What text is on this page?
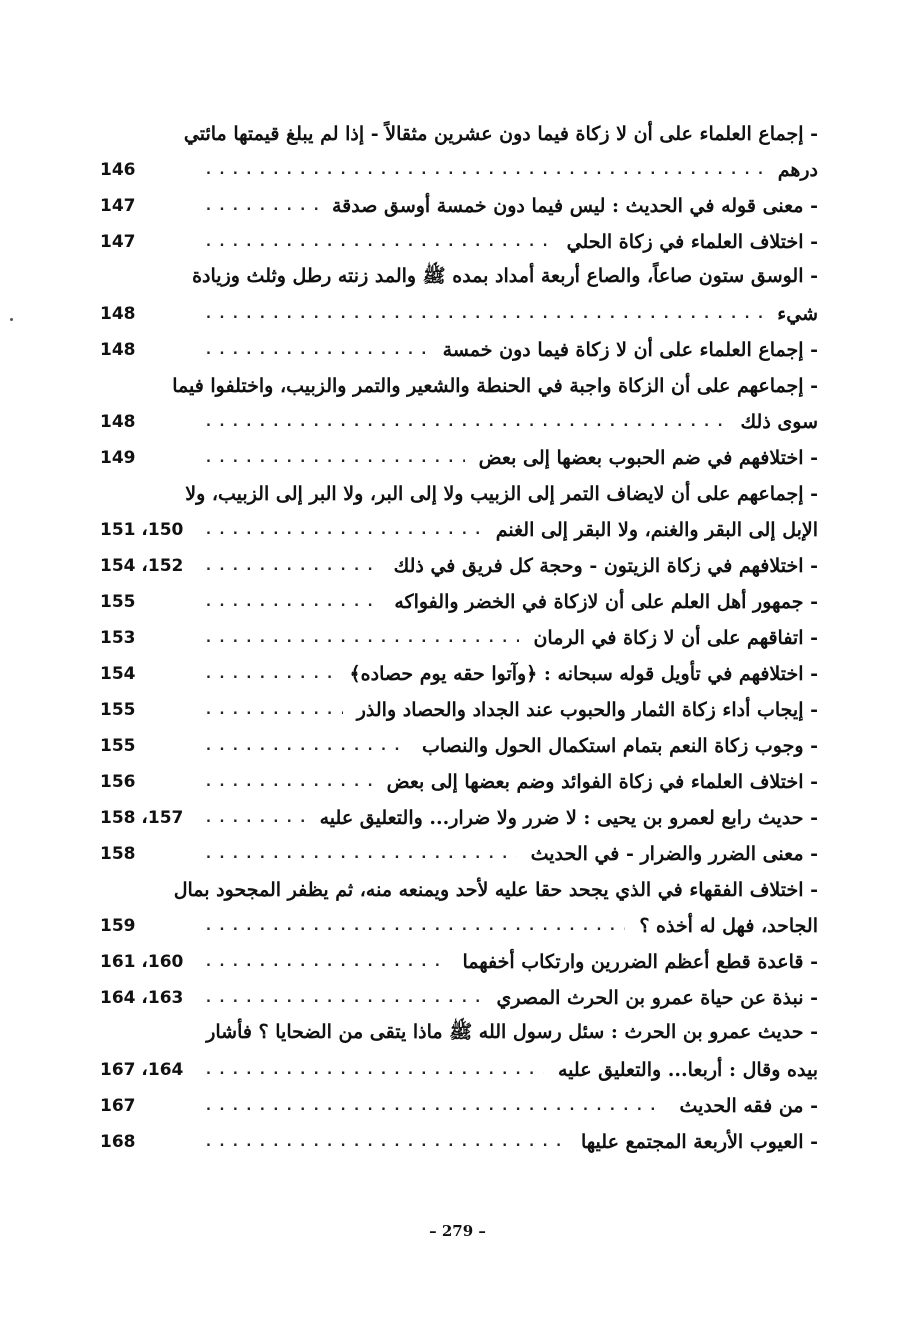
- إجماع العلماء على أن لا زكاة فيما دون عشرين مثقالاً - إذا لم يبلغ قيمتها مائتي
درهم
. . .
146
- معنى قوله في الحديث : ليس فيما دون خمسة أوسق صدقة
. . .
147
- اختلاف العلماء في زكاة الحلي
. . .
147
- الوسق ستون صاعاً، والصاع أربعة أمداد بمده ﷺ والمد زنته رطل وثلث وزيادة
شيء
. . .
148
- إجماع العلماء على أن لا زكاة فيما دون خمسة
. . .
148
- إجماعهم على أن الزكاة واجبة في الحنطة والشعير والتمر والزبيب، واختلفوا فيما
سوى ذلك
. . .
148
- اختلافهم في ضم الحبوب بعضها إلى بعض
. . .
149
- إجماعهم على أن لايضاف التمر إلى الزبيب ولا إلى البر، ولا البر إلى الزبيب، ولا
الإبل إلى البقر والغنم، ولا البقر إلى الغنم
. . .
150، 151
- اختلافهم في زكاة الزيتون - وحجة كل فريق في ذلك
. . .
152، 154
- جمهور أهل العلم على أن لازكاة في الخضر والفواكه
. . .
155
- اتفاقهم على أن لا زكاة في الرمان
. . .
153
- اختلافهم في تأويل قوله سبحانه : ﴿وآتوا حقه يوم حصاده﴾
. . .
154
- إيجاب أداء زكاة الثمار والحبوب عند الجداد والحصاد والذر
. . .
155
- وجوب زكاة النعم بتمام استكمال الحول والنصاب
. . .
155
- اختلاف العلماء في زكاة الفوائد وضم بعضها إلى بعض
. . .
156
- حديث رابع لعمرو بن يحيى : لا ضرر ولا ضرار... والتعليق عليه
. . .
157، 158
- معنى الضرر والضرار - في الحديث
. . .
158
- اختلاف الفقهاء في الذي يجحد حقا عليه لأحد ويمنعه منه، ثم يظفر المجحود بمال
الجاحد، فهل له أخذه ؟
. . .
159
- قاعدة قطع أعظم الضررين وارتكاب أخفهما
. . .
160، 161
- نبذة عن حياة عمرو بن الحرث المصري
. . .
163، 164
- حديث عمرو بن الحرث : سئل رسول الله ﷺ ماذا يتقى من الضحايا ؟ فأشار
بيده وقال : أربعا... والتعليق عليه
. . .
164، 167
- من فقه الحديث
. . .
167
- العيوب الأربعة المجتمع عليها
. . .
168
– 279 –
